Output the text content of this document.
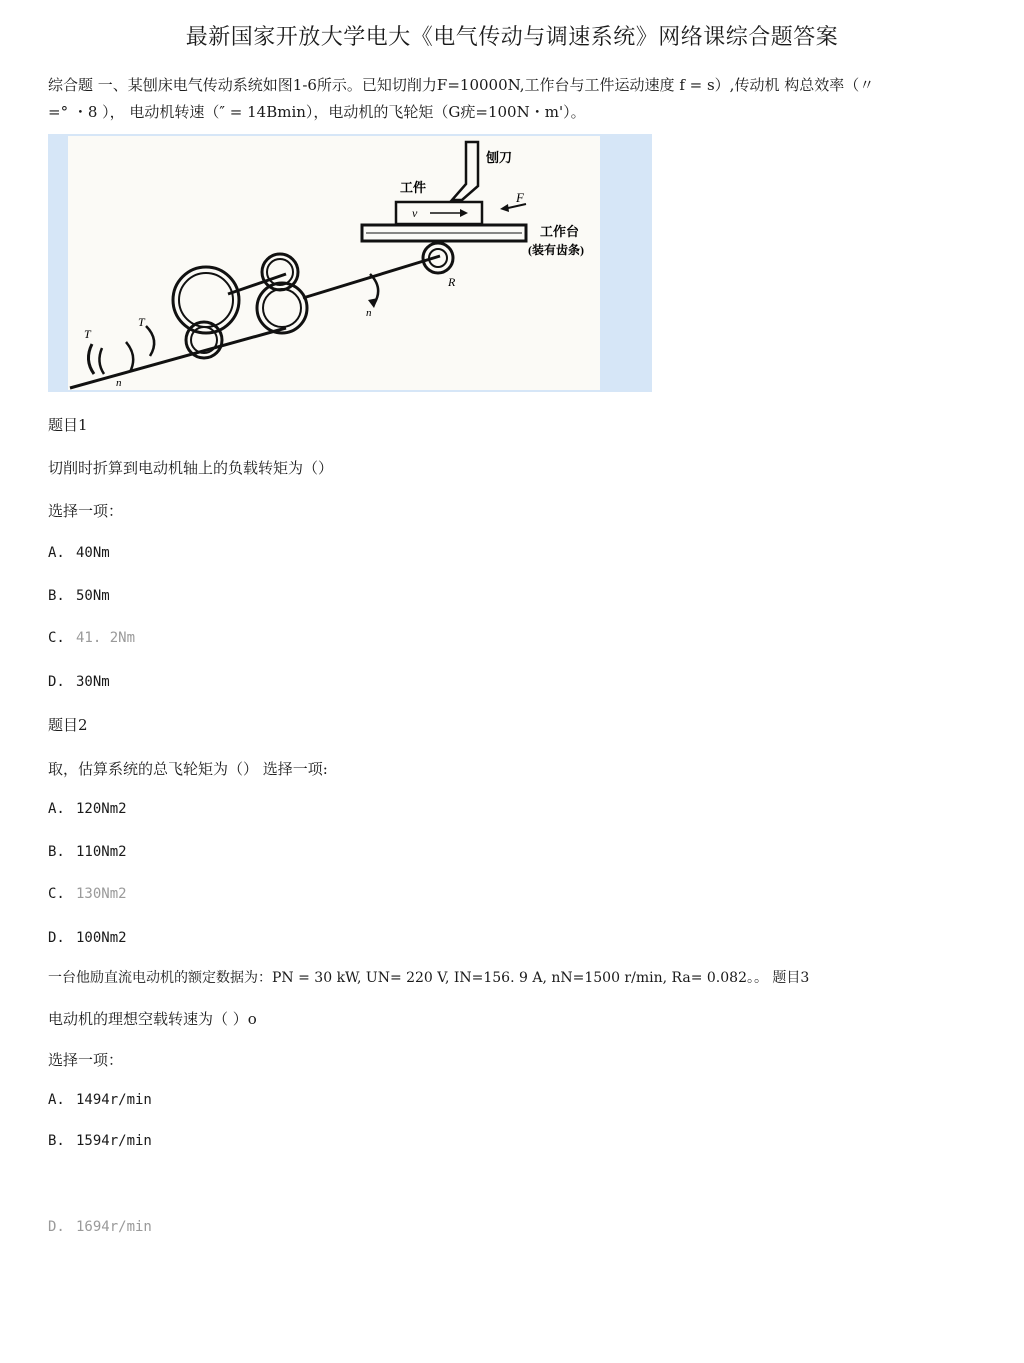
最新国家开放大学电大《电气传动与调速系统》网络课综合题答案
综合题 一、某刨床电气传动系统如图1-6所示。已知切削力F=10000N,工作台与工件运动速度 f = s）,传动机 构总效率（〃
=° ・8 ）， 电动机转速（″ = 14Bmin），电动机的飞轮矩（G疣=100N・m'）。
刨刀
工件
v
F
工作台
(装有齿条)
R
n
T
T
n
题目1
切削时折算到电动机轴上的负载转矩为（）
选择一项：
A. 40Nm
B. 50Nm
C. 41. 2Nm
D. 30Nm
题目2
取，估算系统的总飞轮矩为（） 选择一项:
A. 120Nm2
B. 110Nm2
C. 130Nm2
D. 100Nm2
一台他励直流电动机的额定数据为：PN = 30 kW, UN= 220 V, IN=156. 9 A, nN=1500 r/min, Ra= 0.082。。 题目3
电动机的理想空载转速为（ ）o
选择一项：
A. 1494r/min
B. 1594r/min
D. 1694r/min
